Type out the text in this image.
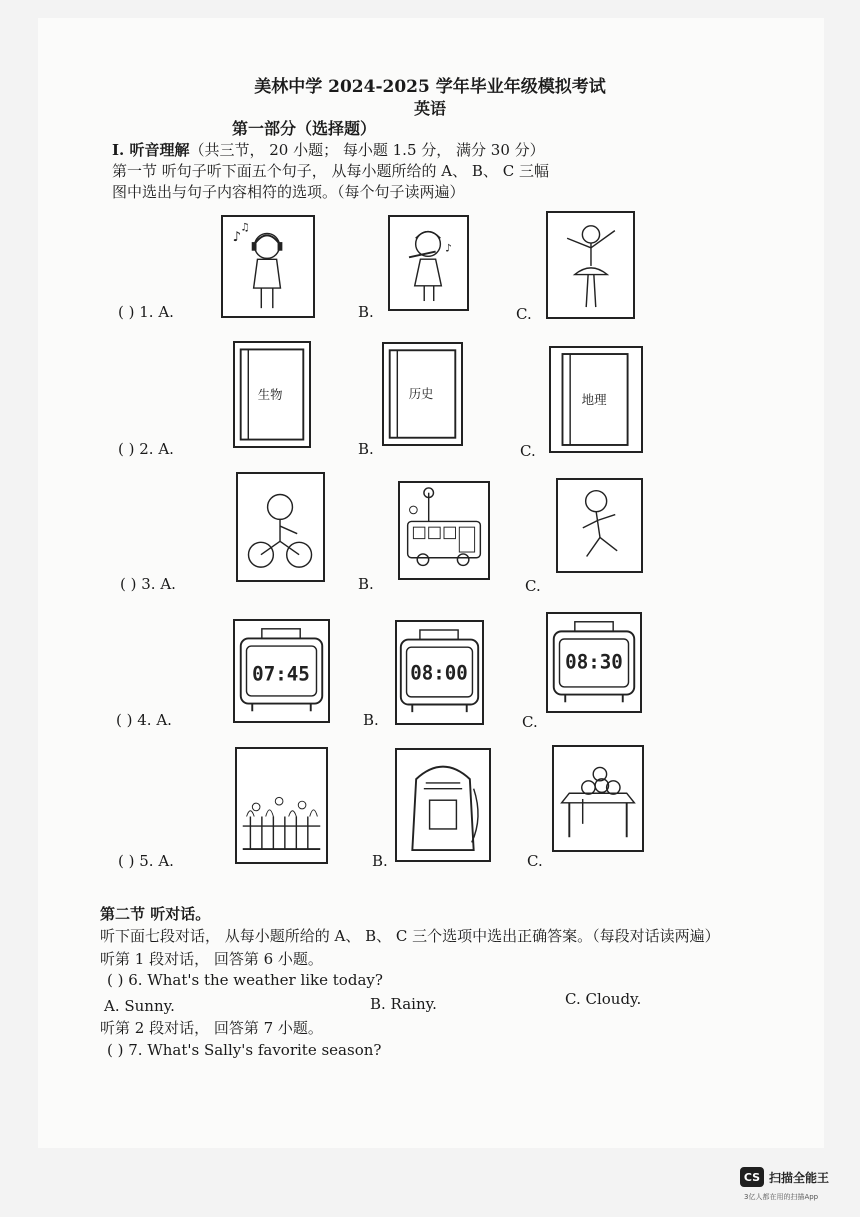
美林中学 2024-2025 学年毕业年级模拟考试
英语
第一部分（选择题）
I. 听音理解（共三节， 20 小题； 每小题 1.5 分， 满分 30 分）
第一节 听句子听下面五个句子， 从每小题所给的 A、 B、 C 三幅
图中选出与句子内容相符的选项。（每个句子读两遍）
♪
♫
♪
( ) 1. A.	B.	C.
生物	历史	地理
( ) 2. A.	B.	C.
( ) 3. A.	B.	C.
07:45	08:00	08:30
( ) 4. A.	B.	C.
( ) 5. A.	B.	C.
第二节 听对话。
听下面七段对话， 从每小题所给的 A、 B、 C 三个选项中选出正确答案。（每段对话读两遍）
听第 1 段对话， 回答第 6 小题。
( ) 6. What's the weather like today?
A. Sunny.	B. Rainy.	C. Cloudy.
听第 2 段对话， 回答第 7 小题。
( ) 7. What's Sally's favorite season?
CS 扫描全能王
3亿人都在用的扫描App
